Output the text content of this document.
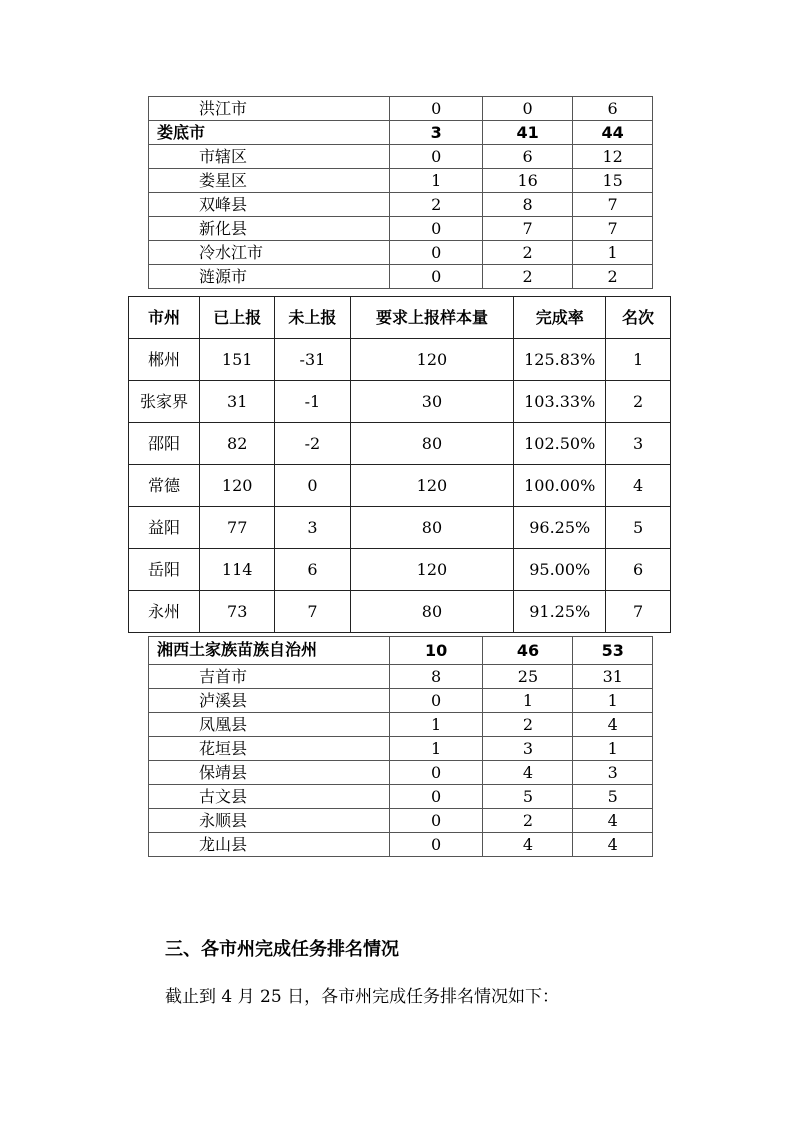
洪江市	0	0	6
娄底市	3	41	44
市辖区	0	6	12
娄星区	1	16	15
双峰县	2	8	7
新化县	0	7	7
冷水江市	0	2	1
涟源市	0	2	2
市州	已上报	未上报	要求上报样本量	完成率	名次
郴州	151	-31	120	125.83%	1
张家界	31	-1	30	103.33%	2
邵阳	82	-2	80	102.50%	3
常德	120	0	120	100.00%	4
益阳	77	3	80	96.25%	5
岳阳	114	6	120	95.00%	6
永州	73	7	80	91.25%	7
湘西土家族苗族自治州	10	46	53
吉首市	8	25	31
泸溪县	0	1	1
凤凰县	1	2	4
花垣县	1	3	1
保靖县	0	4	3
古文县	0	5	5
永顺县	0	2	4
龙山县	0	4	4
三、各市州完成任务排名情况

截止到 4 月 25 日，各市州完成任务排名情况如下：
